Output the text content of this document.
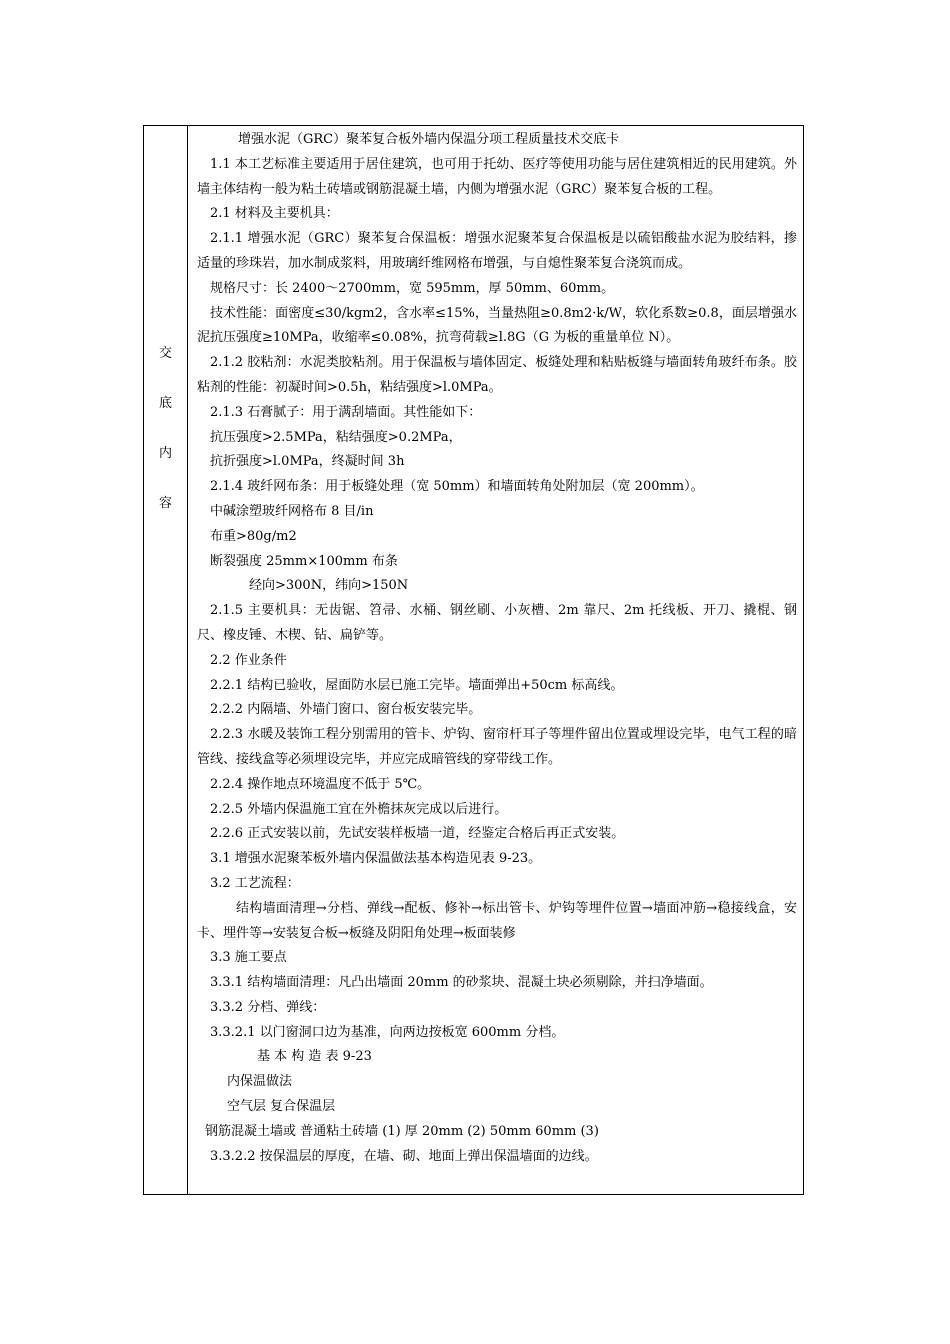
交
底
内
容

增强水泥（GRC）聚苯复合板外墙内保温分项工程质量技术交底卡

1.1 本工艺标准主要适用于居住建筑，也可用于托幼、医疗等使用功能与居住建筑相近的民用建筑。外墙主体结构一般为粘土砖墙或钢筋混凝土墙，内侧为增强水泥（GRC）聚苯复合板的工程。

2.1 材料及主要机具：

2.1.1 增强水泥（GRC）聚苯复合保温板：增强水泥聚苯复合保温板是以硫铝酸盐水泥为胶结料，掺适量的珍珠岩，加水制成浆料，用玻璃纤维网格布增强，与自熄性聚苯复合浇筑而成。

规格尺寸：长 2400～2700mm，宽 595mm，厚 50mm、60mm。

技术性能：面密度≤30/kgm2，含水率≤15%，当量热阻≥0.8m2·k/W，软化系数≥0.8，面层增强水泥抗压强度≥10MPa，收缩率≤0.08%，抗弯荷载≥l.8G（G 为板的重量单位 N）。

2.1.2 胶粘剂：水泥类胶粘剂。用于保温板与墙体固定、板缝处理和粘贴板缝与墙面转角玻纤布条。胶粘剂的性能：初凝时间>0.5h，粘结强度>l.0MPa。

2.1.3 石膏腻子：用于满刮墙面。其性能如下：

抗压强度>2.5MPa，粘结强度>0.2MPa，

抗折强度>l.0MPa，终凝时间 3h

2.1.4 玻纤网布条：用于板缝处理（宽 50mm）和墙面转角处附加层（宽 200mm）。

中碱涂塑玻纤网格布 8 目/in

布重>80g/m2

断裂强度 25mm×100mm 布条

经向>300N，纬向>150N

2.1.5 主要机具：无齿锯、笤帚、水桶、钢丝刷、小灰槽、2m 靠尺、2m 托线板、开刀、撬棍、钢尺、橡皮锤、木楔、钻、扁铲等。

2.2 作业条件

2.2.1 结构已验收，屋面防水层已施工完毕。墙面弹出+50cm 标高线。

2.2.2 内隔墙、外墙门窗口、窗台板安装完毕。

2.2.3 水暖及装饰工程分别需用的管卡、炉钩、窗帘杆耳子等埋件留出位置或埋设完毕，电气工程的暗管线、接线盒等必须埋设完毕，并应完成暗管线的穿带线工作。

2.2.4 操作地点环境温度不低于 5℃。

2.2.5 外墙内保温施工宜在外檐抹灰完成以后进行。

2.2.6 正式安装以前，先试安装样板墙一道，经鉴定合格后再正式安装。

3.1 增强水泥聚苯板外墙内保温做法基本构造见表 9-23。

3.2 工艺流程：

结构墙面清理→分档、弹线→配板、修补→标出管卡、炉钩等埋件位置→墙面冲筋→稳接线盒，安卡、埋件等→安装复合板→板缝及阴阳角处理→板面装修

3.3 施工要点

3.3.1 结构墙面清理：凡凸出墙面 20mm 的砂浆块、混凝土块必须剔除，并扫净墙面。

3.3.2 分档、弹线：

3.3.2.1 以门窗洞口边为基准，向两边按板宽 600mm 分档。

基 本 构 造 表 9-23

内保温做法

空气层 复合保温层

钢筋混凝土墙或 普通粘土砖墙 (1) 厚 20mm (2) 50mm 60mm (3)

3.3.2.2 按保温层的厚度，在墙、砌、地面上弹出保温墙面的边线。
